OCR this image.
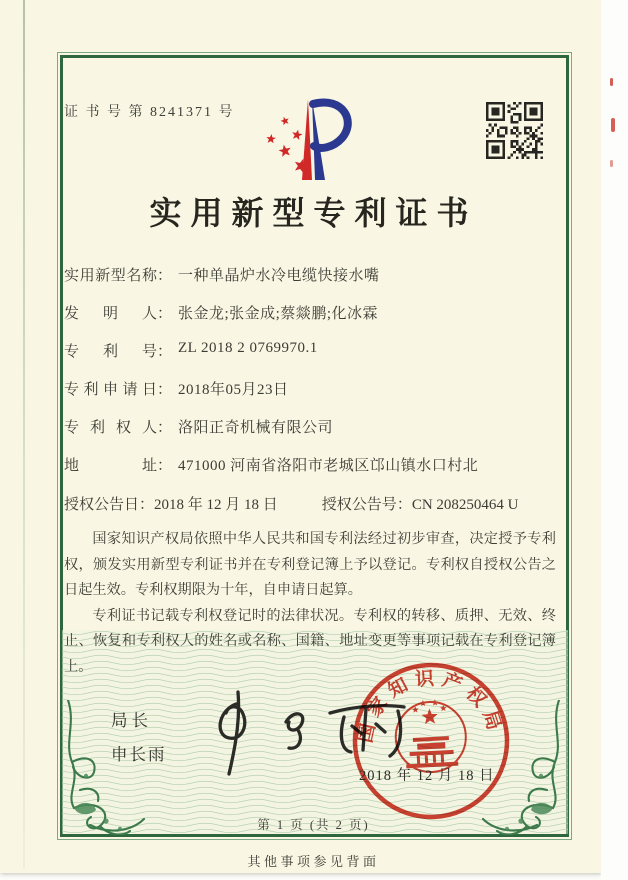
证 书 号 第 8241371 号
实用新型专利证书
实用新型名称 ： 一种单晶炉水冷电缆快接水嘴
发明人 ： 张金龙;张金成;蔡燚鹏;化冰霖
专利号 ： ZL 2018 2 0769970.1
专利申请日 ： 2018年05月23日
专利权人 ： 洛阳正奇机械有限公司
地址 ： 471000 河南省洛阳市老城区邙山镇水口村北
授权公告日：2018 年 12 月 18 日	授权公告号：CN 208250464 U

国家知识产权局依照中华人民共和国专利法经过初步审查，决定授予专利权，颁发实用新型专利证书并在专利登记簿上予以登记。专利权自授权公告之日起生效。专利权期限为十年，自申请日起算。

专利证书记载专利权登记时的法律状况。专利权的转移、质押、无效、终止、恢复和专利权人的姓名或名称、国籍、地址变更等事项记载在专利登记簿上。

局长
申长雨
国家知识产权局
2018 年 12 月 18 日
第 1 页 (共 2 页)
其他事项参见背面
